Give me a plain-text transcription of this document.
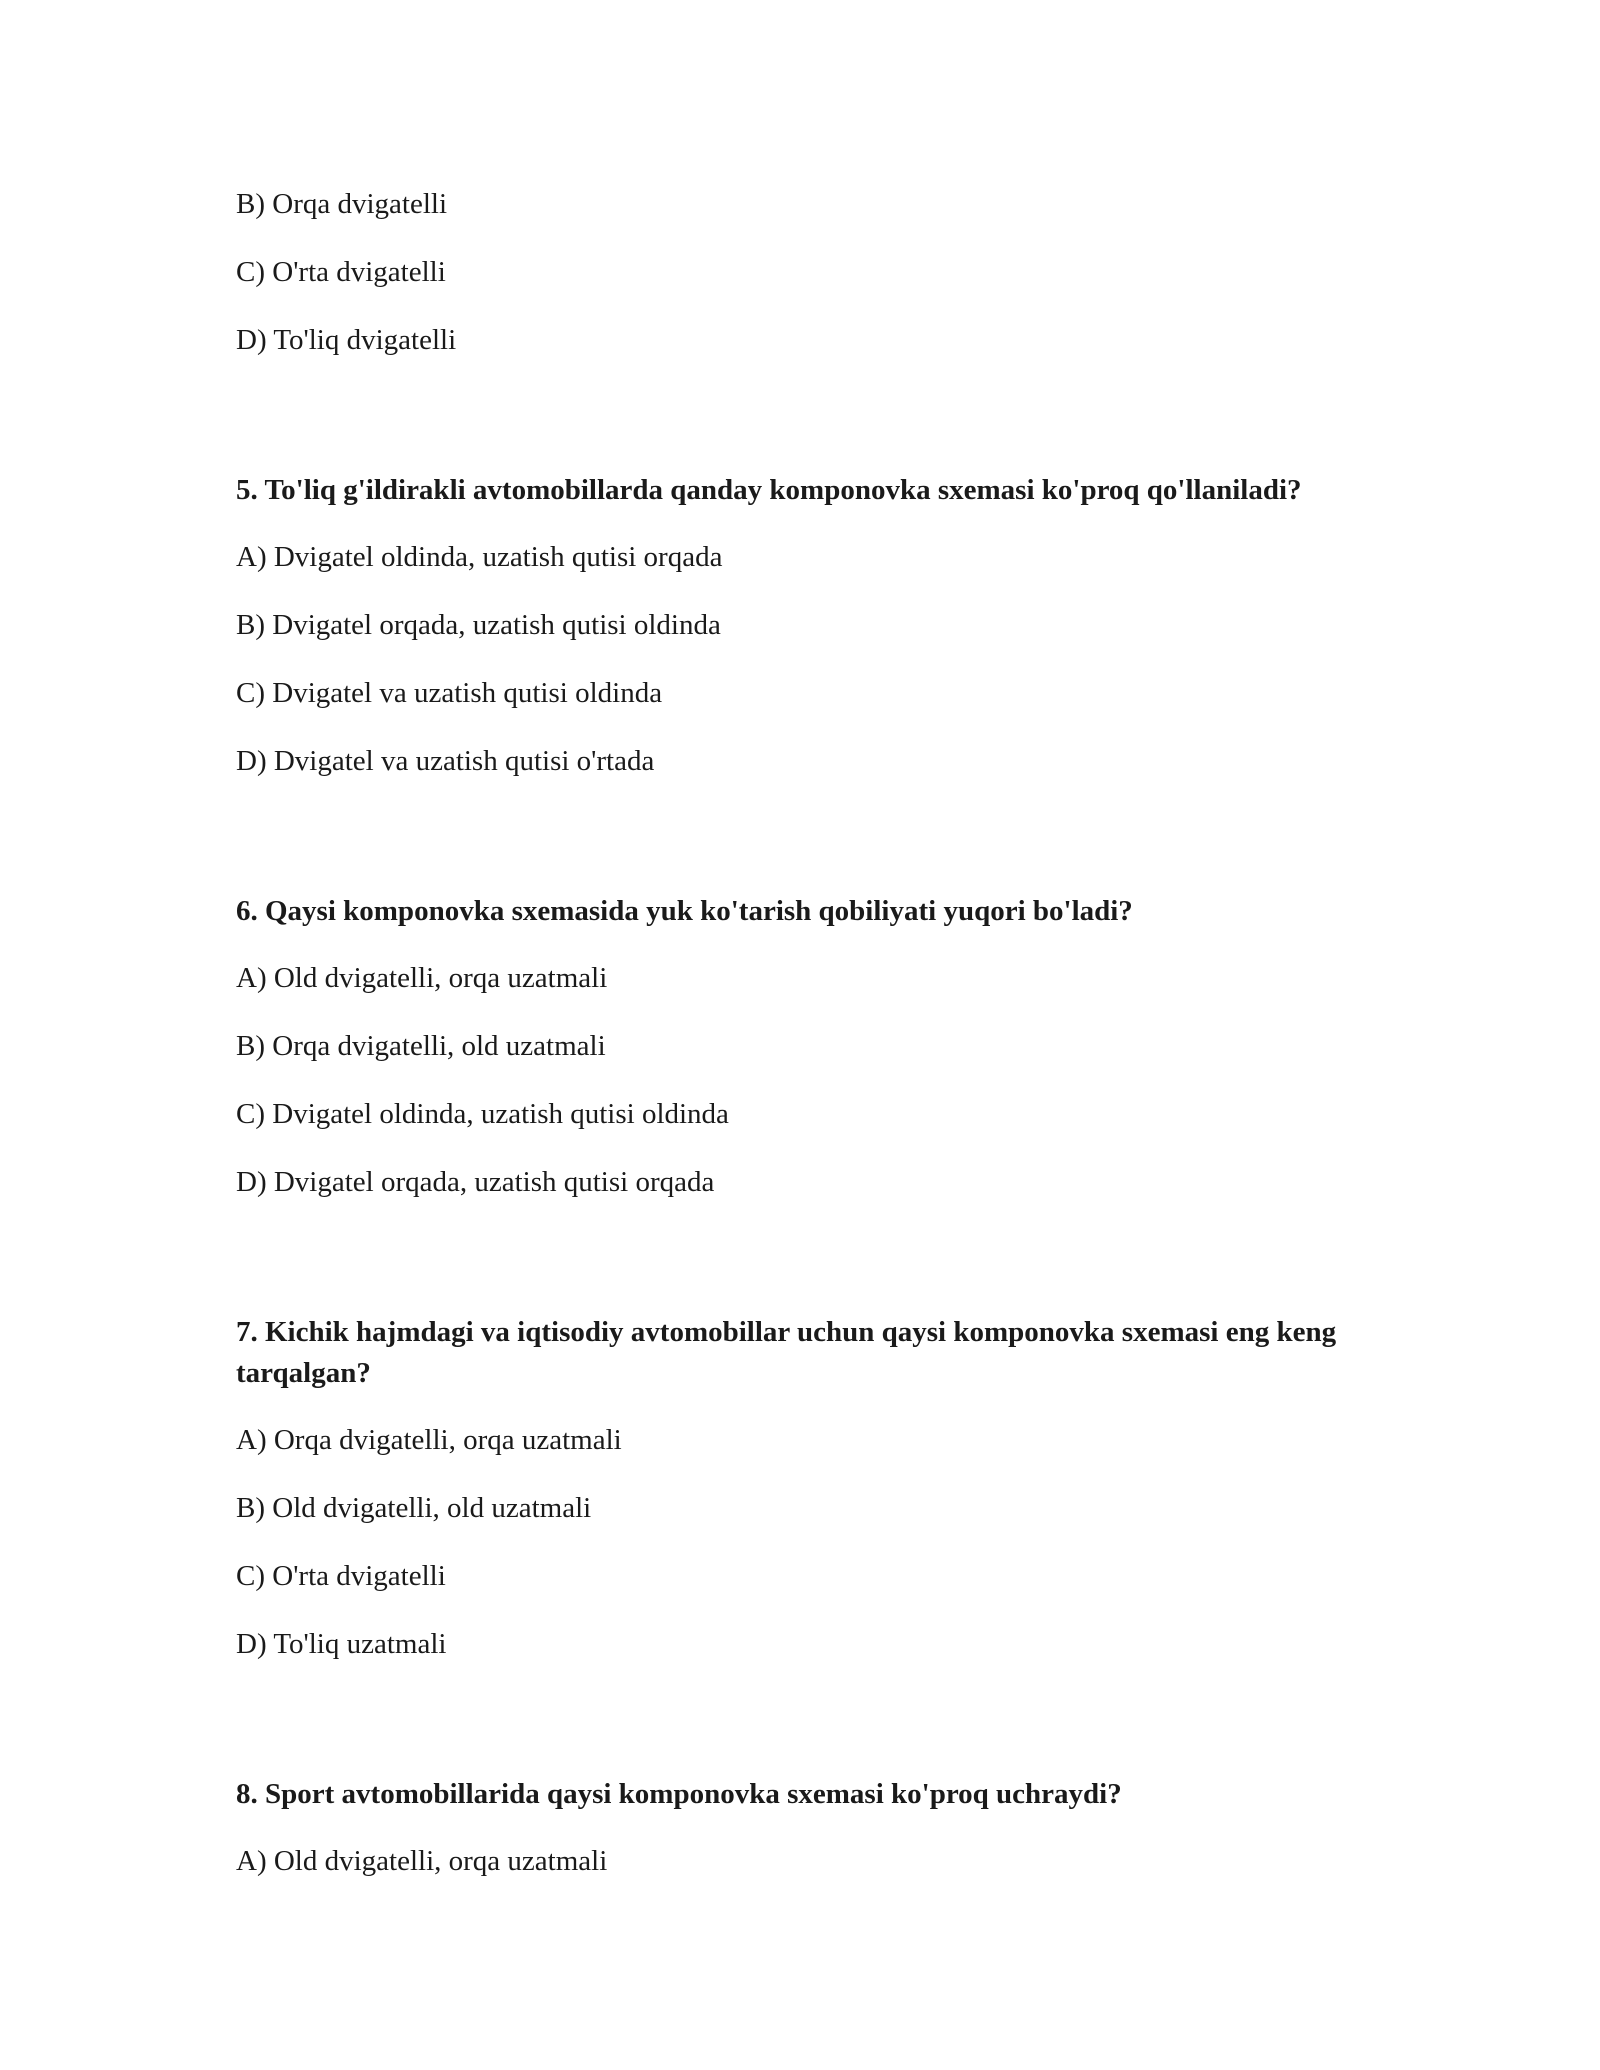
B) Orqa dvigatelli
C) O'rta dvigatelli
D) To'liq dvigatelli
5. To'liq g'ildirakli avtomobillarda qanday komponovka sxemasi ko'proq qo'llaniladi?
A) Dvigatel oldinda, uzatish qutisi orqada
B) Dvigatel orqada, uzatish qutisi oldinda
C) Dvigatel va uzatish qutisi oldinda
D) Dvigatel va uzatish qutisi o'rtada
6. Qaysi komponovka sxemasida yuk ko'tarish qobiliyati yuqori bo'ladi?
A) Old dvigatelli, orqa uzatmali
B) Orqa dvigatelli, old uzatmali
C) Dvigatel oldinda, uzatish qutisi oldinda
D) Dvigatel orqada, uzatish qutisi orqada
7. Kichik hajmdagi va iqtisodiy avtomobillar uchun qaysi komponovka sxemasi eng keng tarqalgan?
A) Orqa dvigatelli, orqa uzatmali
B) Old dvigatelli, old uzatmali
C) O'rta dvigatelli
D) To'liq uzatmali
8. Sport avtomobillarida qaysi komponovka sxemasi ko'proq uchraydi?
A) Old dvigatelli, orqa uzatmali
